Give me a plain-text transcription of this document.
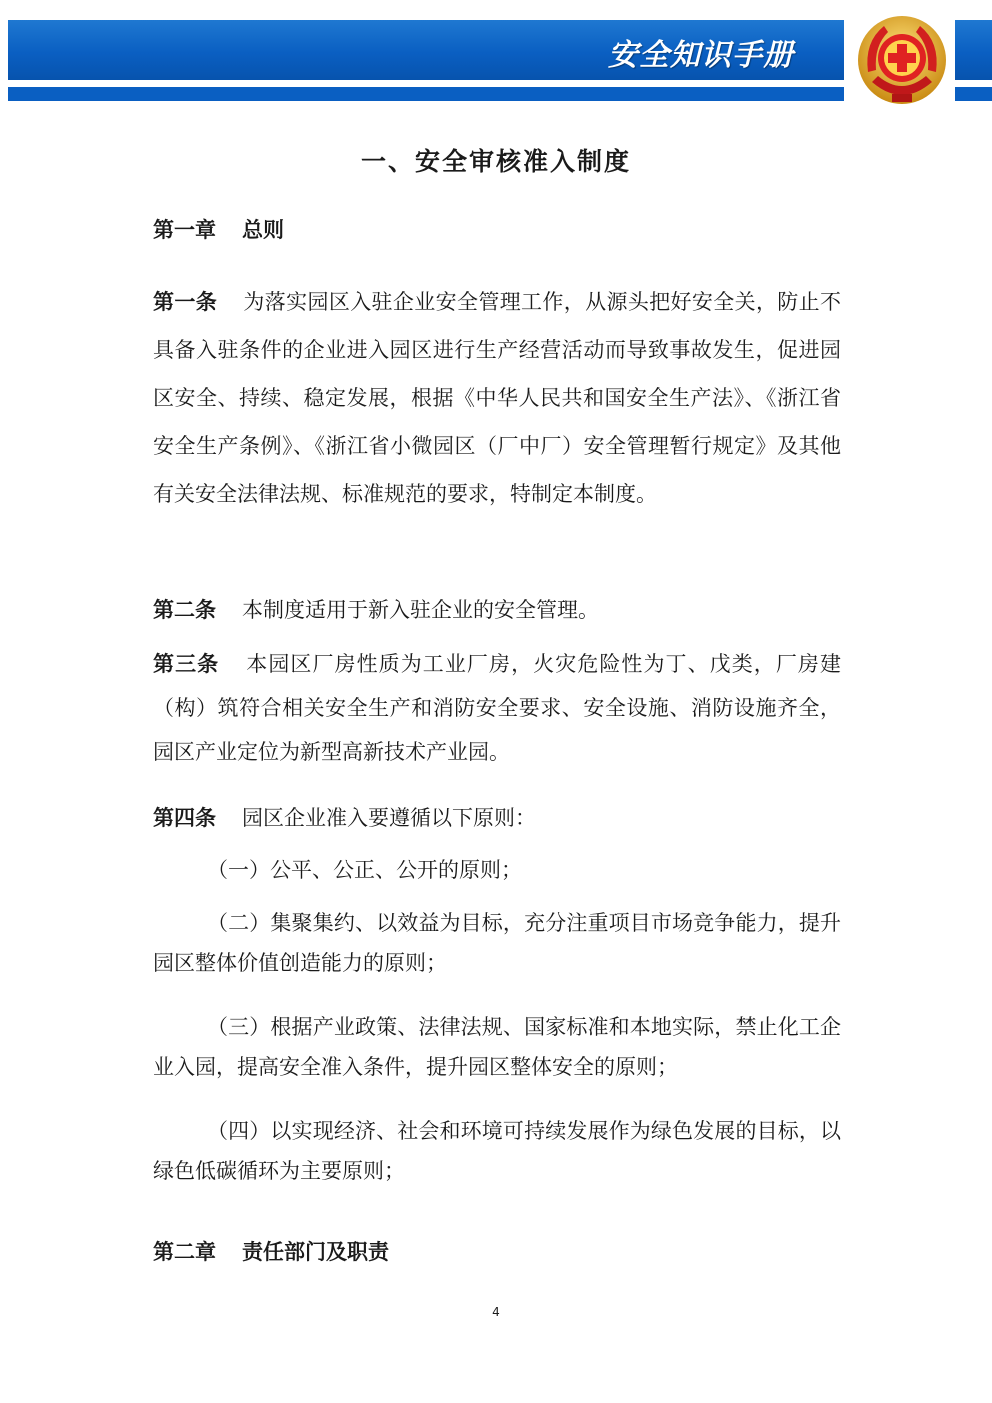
安全知识手册
一、安全审核准入制度
第一章 总则
第一条 为落实园区入驻企业安全管理工作，从源头把好安全关，防止不具备入驻条件的企业进入园区进行生产经营活动而导致事故发生，促进园区安全、持续、稳定发展，根据《中华人民共和国安全生产法》、《浙江省安全生产条例》、《浙江省小微园区（厂中厂）安全管理暂行规定》及其他有关安全法律法规、标准规范的要求，特制定本制度。
第二条 本制度适用于新入驻企业的安全管理。
第三条 本园区厂房性质为工业厂房，火灾危险性为丁、戊类，厂房建（构）筑符合相关安全生产和消防安全要求、安全设施、消防设施齐全，园区产业定位为新型高新技术产业园。
第四条 园区企业准入要遵循以下原则：
（一）公平、公正、公开的原则；
（二）集聚集约、以效益为目标，充分注重项目市场竞争能力，提升园区整体价值创造能力的原则；
（三）根据产业政策、法律法规、国家标准和本地实际，禁止化工企业入园，提高安全准入条件，提升园区整体安全的原则；
（四）以实现经济、社会和环境可持续发展作为绿色发展的目标，以绿色低碳循环为主要原则；
第二章 责任部门及职责
4
